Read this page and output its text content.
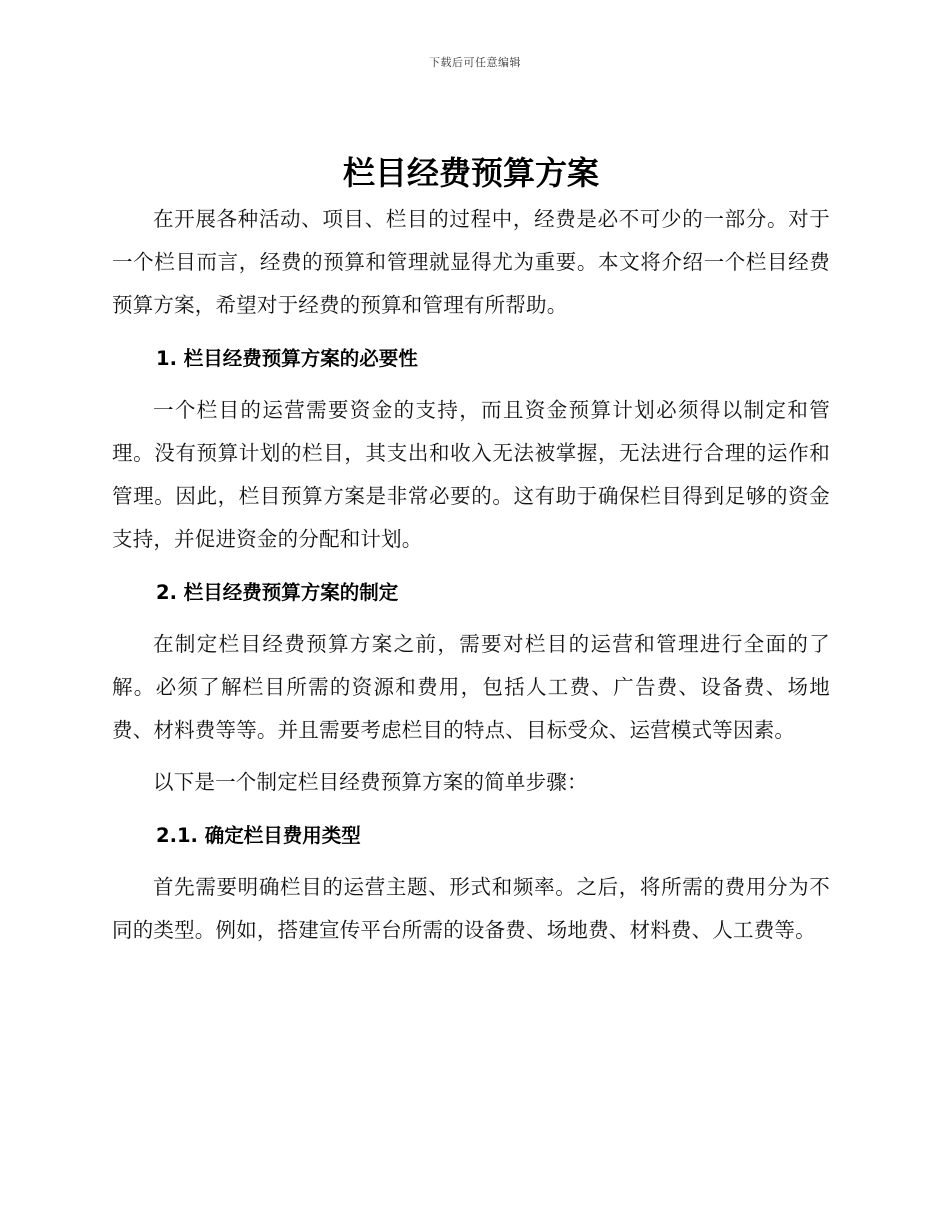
下载后可任意编辑
栏目经费预算方案

在开展各种活动、项目、栏目的过程中，经费是必不可少的一部分。对于一个栏目而言，经费的预算和管理就显得尤为重要。本文将介绍一个栏目经费预算方案，希望对于经费的预算和管理有所帮助。

1. 栏目经费预算方案的必要性

一个栏目的运营需要资金的支持，而且资金预算计划必须得以制定和管理。没有预算计划的栏目，其支出和收入无法被掌握，无法进行合理的运作和管理。因此，栏目预算方案是非常必要的。这有助于确保栏目得到足够的资金支持，并促进资金的分配和计划。

2. 栏目经费预算方案的制定

在制定栏目经费预算方案之前，需要对栏目的运营和管理进行全面的了解。必须了解栏目所需的资源和费用，包括人工费、广告费、设备费、场地费、材料费等等。并且需要考虑栏目的特点、目标受众、运营模式等因素。

以下是一个制定栏目经费预算方案的简单步骤：

2.1. 确定栏目费用类型

首先需要明确栏目的运营主题、形式和频率。之后，将所需的费用分为不同的类型。例如，搭建宣传平台所需的设备费、场地费、材料费、人工费等。
